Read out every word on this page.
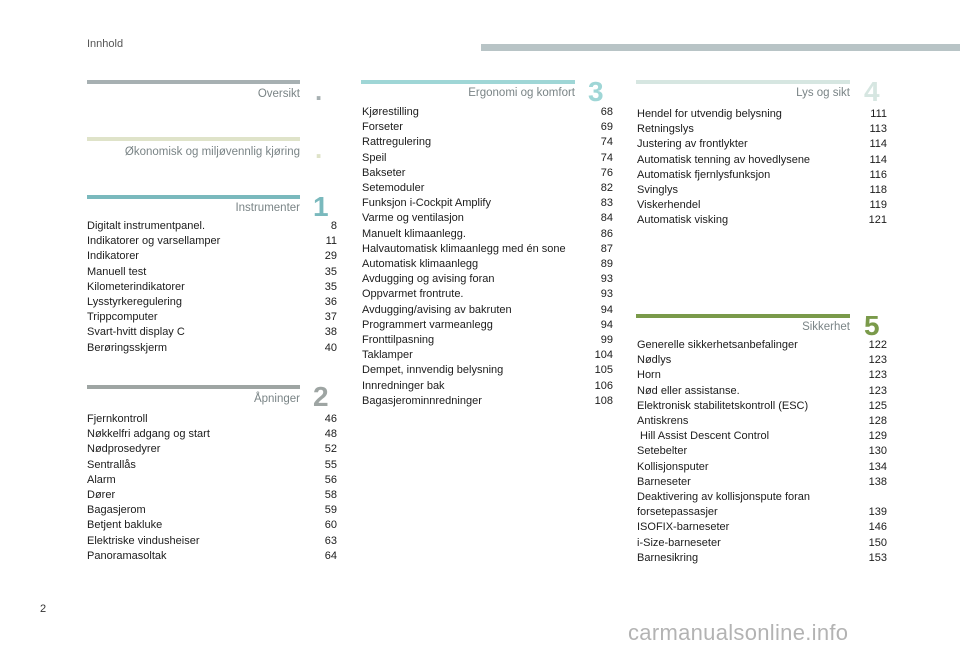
Innhold
Oversikt .
Økonomisk og miljøvennlig kjøring .
Instrumenter 1
Digitalt instrumentpanel.	8
Indikatorer og varsellamper	11
Indikatorer	29
Manuell test	35
Kilometerindikatorer	35
Lysstyrkeregulering	36
Trippcomputer	37
Svart-hvitt display C	38
Berøringsskjerm	40
Åpninger 2
Fjernkontroll	46
Nøkkelfri adgang og start	48
Nødprosedyrer	52
Sentrallås	55
Alarm	56
Dører	58
Bagasjerom	59
Betjent bakluke	60
Elektriske vindusheiser	63
Panoramasoltak	64
Ergonomi og komfort 3
Kjørestilling	68
Forseter	69
Rattregulering	74
Speil	74
Bakseter	76
Setemoduler	82
Funksjon i-Cockpit Amplify	83
Varme og ventilasjon	84
Manuelt klimaanlegg.	86
Halvautomatisk klimaanlegg med én sone	87
Automatisk klimaanlegg	89
Avdugging og avising foran	93
Oppvarmet frontrute.	93
Avdugging/avising av bakruten	94
Programmert varmeanlegg	94
Fronttilpasning	99
Taklamper	104
Dempet, innvendig belysning	105
Innredninger bak	106
Bagasjerominnredninger	108
Lys og sikt 4
Hendel for utvendig belysning	111
Retningslys	113
Justering av frontlykter	114
Automatisk tenning av hovedlysene	114
Automatisk fjernlysfunksjon	116
Svinglys	118
Viskerhendel	119
Automatisk visking	121
Sikkerhet 5
Generelle sikkerhetsanbefalinger	122
Nødlys	123
Horn	123
Nød eller assistanse.	123
Elektronisk stabilitetskontroll (ESC)	125
Antiskrens	128
Hill Assist Descent Control	129
Setebelter	130
Kollisjonsputer	134
Barneseter	138
Deaktivering av kollisjonspute foran
forsetepassasjer	139
ISOFIX-barneseter	146
i-Size-barneseter	150
Barnesikring	153
2
carmanualsonline.info
